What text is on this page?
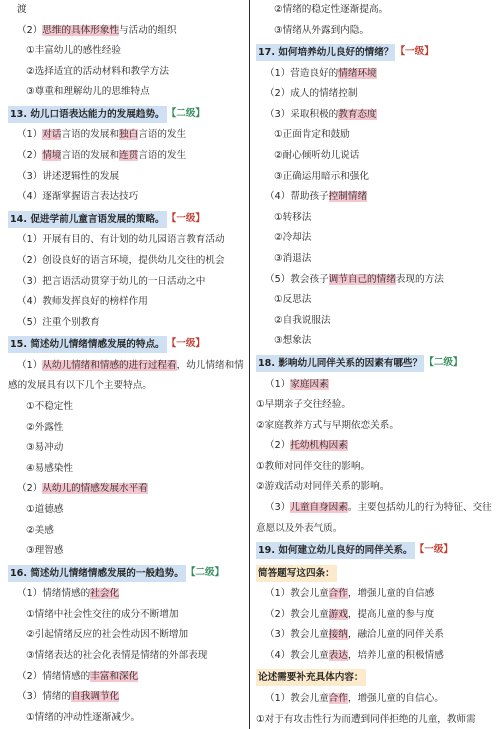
渡
（2）思维的具体形象性与活动的组织
①丰富幼儿的感性经验
②选择适宜的活动材料和教学方法
③尊重和理解幼儿的思维特点
13. 幼儿口语表达能力的发展趋势。 【二级】
（1）对话言语的发展和独白言语的发生
（2）情境言语的发展和连贯言语的发生
（3）讲述逻辑性的发展
（4）逐渐掌握语言表达技巧
14. 促进学前儿童言语发展的策略。 【一级】
（1）开展有目的、有计划的幼儿园语言教育活动
（2）创设良好的语言环境，提供幼儿交往的机会
（3）把言语活动贯穿于幼儿的一日活动之中
（4）教师发挥良好的榜样作用
（5）注重个别教育
15. 简述幼儿情绪情感发展的特点。 【一级】
（1）从幼儿情绪和情感的进行过程看，幼儿情绪和情
感的发展具有以下几个主要特点。
①不稳定性
②外露性
③易冲动
④易感染性
（2）从幼儿的情感发展水平看
①道德感
②美感
③理智感
16. 简述幼儿情绪情感发展的一般趋势。 【二级】
（1）情绪情感的社会化
①情绪中社会性交往的成分不断增加
②引起情绪反应的社会性动因不断增加
③情绪表达的社会化表情是情绪的外部表现
（2）情绪情感的丰富和深化
（3）情绪的自我调节化
①情绪的冲动性逐渐减少。
②情绪的稳定性逐渐提高。
③情绪从外露到内隐。
17. 如何培养幼儿良好的情绪？ 【一级】
（1）营造良好的情绪环境
（2）成人的情绪控制
（3）采取积极的教育态度
①正面肯定和鼓励
②耐心倾听幼儿说话
③正确运用暗示和强化
（4）帮助孩子控制情绪
①转移法
②冷却法
③消退法
（5）教会孩子调节自己的情绪表现的方法
①反思法
②自我说服法
③想象法
18. 影响幼儿同伴关系的因素有哪些？ 【二级】
（1）家庭因素
①早期亲子交往经验。
②家庭教养方式与早期依恋关系。
（2）托幼机构因素
①教师对同伴交往的影响。
②游戏活动对同伴关系的影响。
（3）儿童自身因素。主要包括幼儿的行为特征、交往
意愿以及外表气质。
19. 如何建立幼儿良好的同伴关系。 【一级】
简答题写这四条：
（1）教会儿童合作，增强儿童的自信感
（2）教会儿童游戏，提高儿童的参与度
（3）教会儿童接纳，融洽儿童的同伴关系
（4）教会儿童表达，培养儿童的积极情感
论述需要补充具体内容：
（1）教会儿童合作，增强儿童的自信心。
①对于有攻击性行为而遭到同伴拒绝的儿童，教师需
